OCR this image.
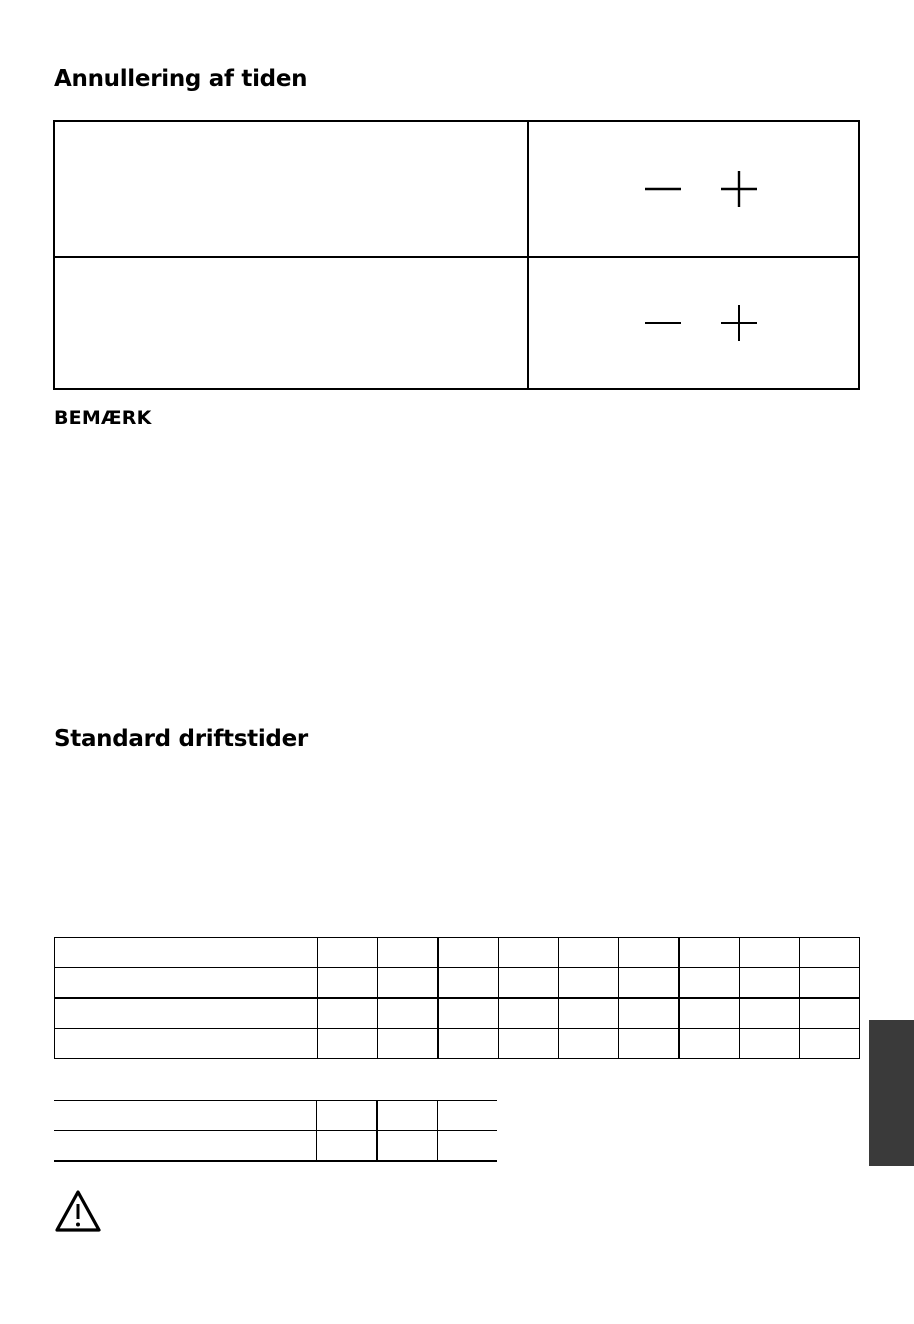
Annullering af tiden
BEMÆRK
Standard driftstider
